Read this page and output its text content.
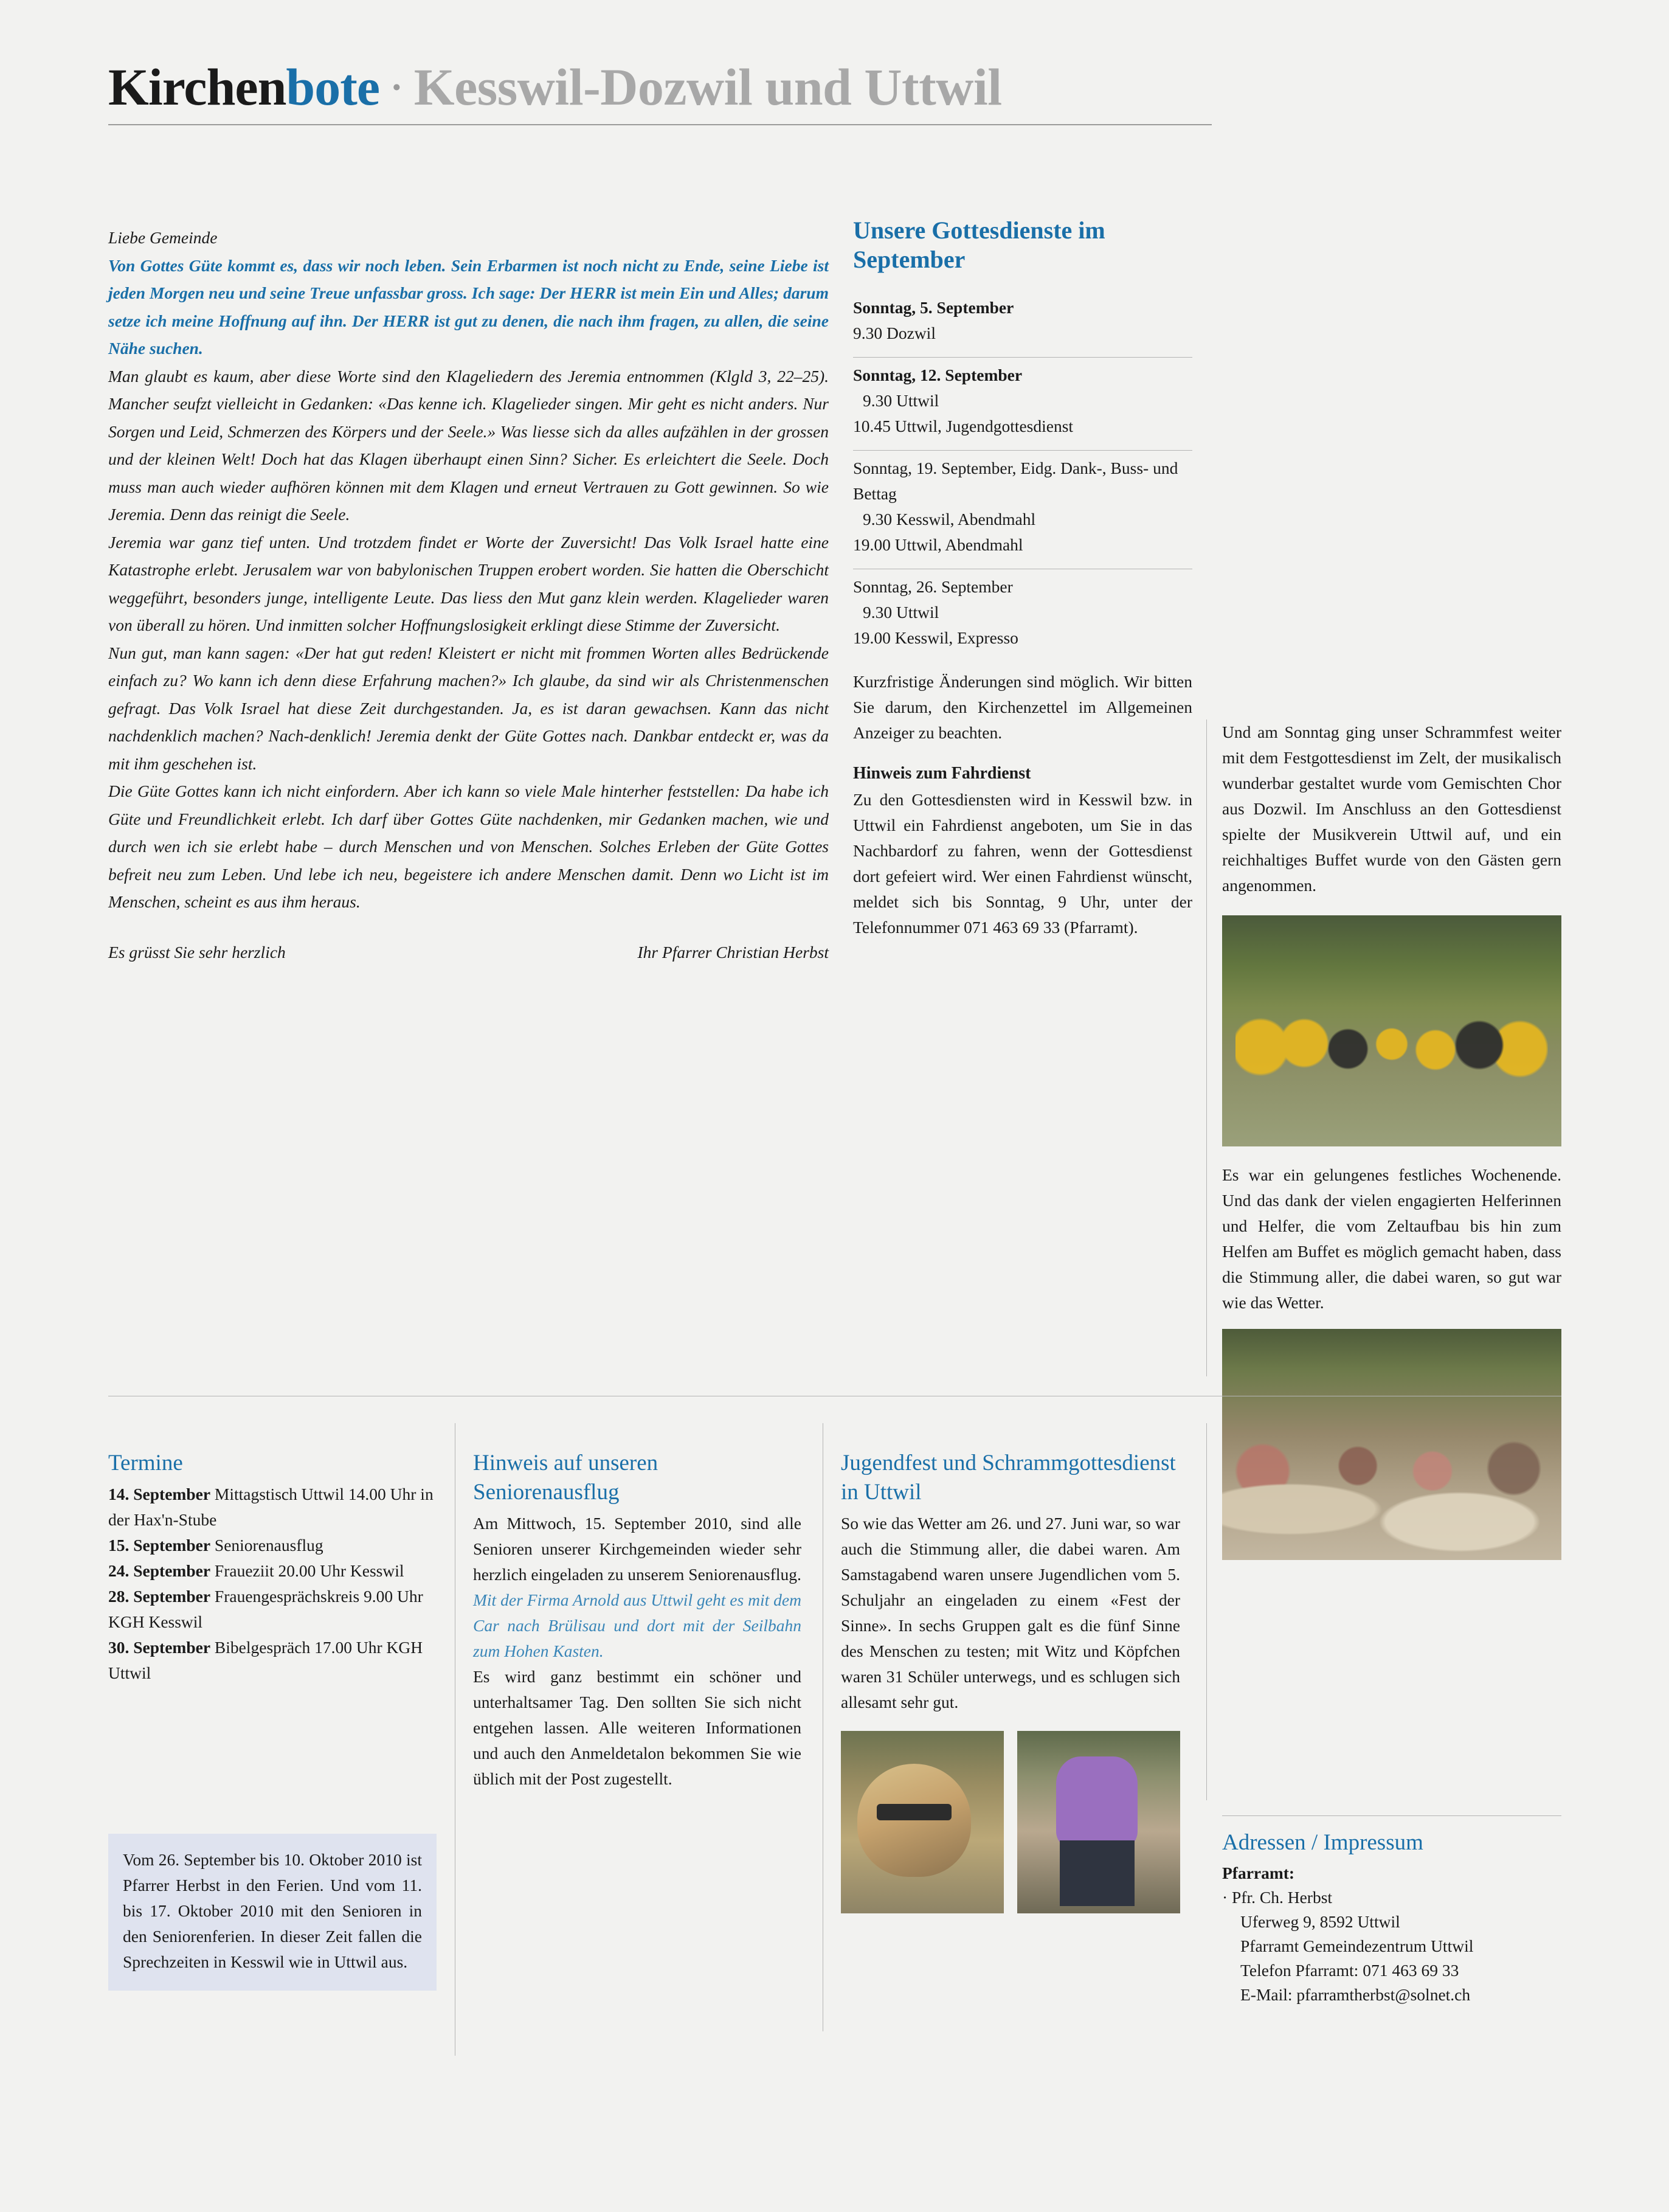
Kirchenbote · Kesswil-Dozwil und Uttwil

Liebe Gemeinde

Von Gottes Güte kommt es, dass wir noch leben. Sein Erbarmen ist noch nicht zu Ende, seine Liebe ist jeden Morgen neu und seine Treue unfassbar gross. Ich sage: Der HERR ist mein Ein und Alles; darum setze ich meine Hoffnung auf ihn. Der HERR ist gut zu denen, die nach ihm fragen, zu allen, die seine Nähe suchen.

Man glaubt es kaum, aber diese Worte sind den Klageliedern des Jeremia entnommen (Klgld 3, 22–25). Mancher seufzt vielleicht in Gedanken: «Das kenne ich. Klagelieder singen. Mir geht es nicht anders. Nur Sorgen und Leid, Schmerzen des Körpers und der Seele.» Was liesse sich da alles aufzählen in der grossen und der kleinen Welt! Doch hat das Klagen überhaupt einen Sinn? Sicher. Es erleichtert die Seele. Doch muss man auch wieder aufhören können mit dem Klagen und erneut Vertrauen zu Gott gewinnen. So wie Jeremia. Denn das reinigt die Seele.

Jeremia war ganz tief unten. Und trotzdem findet er Worte der Zuversicht! Das Volk Israel hatte eine Katastrophe erlebt. Jerusalem war von babylonischen Truppen erobert worden. Sie hatten die Oberschicht weggeführt, besonders junge, intelligente Leute. Das liess den Mut ganz klein werden. Klagelieder waren von überall zu hören. Und inmitten solcher Hoffnungslosigkeit erklingt diese Stimme der Zuversicht.

Nun gut, man kann sagen: «Der hat gut reden! Kleistert er nicht mit frommen Worten alles Bedrückende einfach zu? Wo kann ich denn diese Erfahrung machen?» Ich glaube, da sind wir als Christenmenschen gefragt. Das Volk Israel hat diese Zeit durchgestanden. Ja, es ist daran gewachsen. Kann das nicht nachdenklich machen? Nach-denklich! Jeremia denkt der Güte Gottes nach. Dankbar entdeckt er, was da mit ihm geschehen ist.

Die Güte Gottes kann ich nicht einfordern. Aber ich kann so viele Male hinterher feststellen: Da habe ich Güte und Freundlichkeit erlebt. Ich darf über Gottes Güte nachdenken, mir Gedanken machen, wie und durch wen ich sie erlebt habe – durch Menschen und von Menschen. Solches Erleben der Güte Gottes befreit neu zum Leben. Und lebe ich neu, begeistere ich andere Menschen damit. Denn wo Licht ist im Menschen, scheint es aus ihm heraus.

Es grüsst Sie sehr herzlich	Ihr Pfarrer Christian Herbst
Unsere Gottesdienste im September
Sonntag, 5. September
9.30 Dozwil
Sonntag, 12. September
9.30 Uttwil
10.45 Uttwil, Jugendgottesdienst
Sonntag, 19. September, Eidg. Dank-, Buss- und Bettag
9.30 Kesswil, Abendmahl
19.00 Uttwil, Abendmahl
Sonntag, 26. September
9.30 Uttwil
19.00 Kesswil, Expresso

Kurzfristige Änderungen sind möglich. Wir bitten Sie darum, den Kirchenzettel im Allgemeinen Anzeiger zu beachten.

Hinweis zum Fahrdienst

Zu den Gottesdiensten wird in Kesswil bzw. in Uttwil ein Fahrdienst angeboten, um Sie in das Nachbardorf zu fahren, wenn der Gottesdienst dort gefeiert wird. Wer einen Fahrdienst wünscht, meldet sich bis Sonntag, 9 Uhr, unter der Telefonnummer 071 463 69 33 (Pfarramt).

Und am Sonntag ging unser Schrammfest weiter mit dem Festgottesdienst im Zelt, der musikalisch wunderbar gestaltet wurde vom Gemischten Chor aus Dozwil. Im Anschluss an den Gottesdienst spielte der Musikverein Uttwil auf, und ein reichhaltiges Buffet wurde von den Gästen gern angenommen.

Es war ein gelungenes festliches Wochenende. Und das dank der vielen engagierten Helferinnen und Helfer, die vom Zeltaufbau bis hin zum Helfen am Buffet es möglich gemacht haben, dass die Stimmung aller, die dabei waren, so gut war wie das Wetter.

Termine
14. September Mittagstisch Uttwil 14.00 Uhr in der Hax'n-Stube
15. September Seniorenausflug
24. September Fraueziit 20.00 Uhr Kesswil
28. September Frauengesprächskreis 9.00 Uhr KGH Kesswil
30. September Bibelgespräch 17.00 Uhr KGH Uttwil

Vom 26. September bis 10. Oktober 2010 ist Pfarrer Herbst in den Ferien. Und vom 11. bis 17. Oktober 2010 mit den Senioren in den Seniorenferien. In dieser Zeit fallen die Sprechzeiten in Kesswil wie in Uttwil aus.

Hinweis auf unseren Seniorenausflug

Am Mittwoch, 15. September 2010, sind alle Senioren unserer Kirchgemeinden wieder sehr herzlich eingeladen zu unserem Seniorenausflug.

Mit der Firma Arnold aus Uttwil geht es mit dem Car nach Brülisau und dort mit der Seilbahn zum Hohen Kasten.

Es wird ganz bestimmt ein schöner und unterhaltsamer Tag. Den sollten Sie sich nicht entgehen lassen. Alle weiteren Informationen und auch den Anmeldetalon bekommen Sie wie üblich mit der Post zugestellt.

Jugendfest und Schrammgottesdienst in Uttwil

So wie das Wetter am 26. und 27. Juni war, so war auch die Stimmung aller, die dabei waren. Am Samstagabend waren unsere Jugendlichen vom 5. Schuljahr an eingeladen zu einem «Fest der Sinne». In sechs Gruppen galt es die fünf Sinne des Menschen zu testen; mit Witz und Köpfchen waren 31 Schüler unterwegs, und es schlugen sich allesamt sehr gut.

Adressen / Impressum
Pfarramt:
· Pfr. Ch. Herbst
Uferweg 9, 8592 Uttwil
Pfarramt Gemeindezentrum Uttwil
Telefon Pfarramt: 071 463 69 33
E-Mail: pfarramtherbst@solnet.ch
